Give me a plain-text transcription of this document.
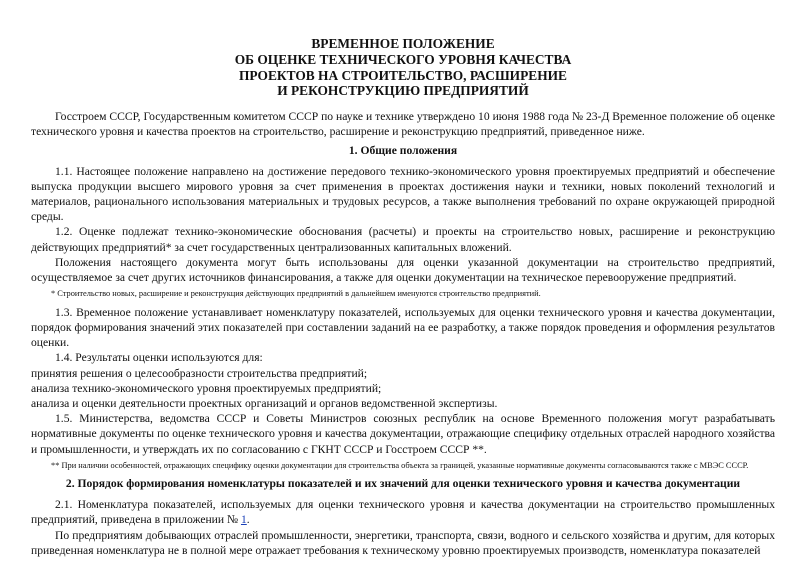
ВРЕМЕННОЕ ПОЛОЖЕНИЕ
ОБ ОЦЕНКЕ ТЕХНИЧЕСКОГО УРОВНЯ КАЧЕСТВА
ПРОЕКТОВ НА СТРОИТЕЛЬСТВО, РАСШИРЕНИЕ
И РЕКОНСТРУКЦИЮ ПРЕДПРИЯТИЙ

Госстроем СССР, Государственным комитетом СССР по науке и технике утверждено 10 июня 1988 года № 23-Д Временное положение об оценке технического уровня и качества проектов на строительство, расширение и реконструкцию предприятий, приведенное ниже.

1. Общие положения

1.1. Настоящее положение направлено на достижение передового технико-экономического уровня проектируемых предприятий и обеспечение выпуска продукции высшего мирового уровня за счет применения в проектах достижения науки и техники, новых поколений технологий и материалов, рационального использования материальных и трудовых ресурсов, а также выполнения требований по охране окружающей природной среды.

1.2. Оценке подлежат технико-экономические обоснования (расчеты) и проекты на строительство новых, расширение и реконструкцию действующих предприятий* за счет государственных централизованных капитальных вложений.

Положения настоящего документа могут быть использованы для оценки указанной документации на строительство предприятий, осуществляемое за счет других источников финансирования, а также для оценки документации на техническое перевооружение предприятий.

* Строительство новых, расширение и реконструкция действующих предприятий в дальнейшем именуются строительство предприятий.

1.3. Временное положение устанавливает номенклатуру показателей, используемых для оценки технического уровня и качества документации, порядок формирования значений этих показателей при составлении заданий на ее разработку, а также порядок проведения и оформления результатов оценки.

1.4. Результаты оценки используются для:

принятия решения о целесообразности строительства предприятий;

анализа технико-экономического уровня проектируемых предприятий;

анализа и оценки деятельности проектных организаций и органов ведомственной экспертизы.

1.5. Министерства, ведомства СССР и Советы Министров союзных республик на основе Временного положения могут разрабатывать нормативные документы по оценке технического уровня и качества документации, отражающие специфику отдельных отраслей народного хозяйства и промышленности, и утверждать их по согласованию с ГКНТ СССР и Госстроем СССР **.

** При наличии особенностей, отражающих специфику оценки документации для строительства объекта за границей, указанные нормативные документы согласовываются также с МВЭС СССР.

2. Порядок формирования номенклатуры показателей и их значений для оценки технического уровня и качества документации

2.1. Номенклатура показателей, используемых для оценки технического уровня и качества документации на строительство промышленных предприятий, приведена в приложении № 1.

По предприятиям добывающих отраслей промышленности, энергетики, транспорта, связи, водного и сельского хозяйства и другим, для которых приведенная номенклатура не в полной мере отражает требования к техническому уровню проектируемых производств, номенклатура показателей
